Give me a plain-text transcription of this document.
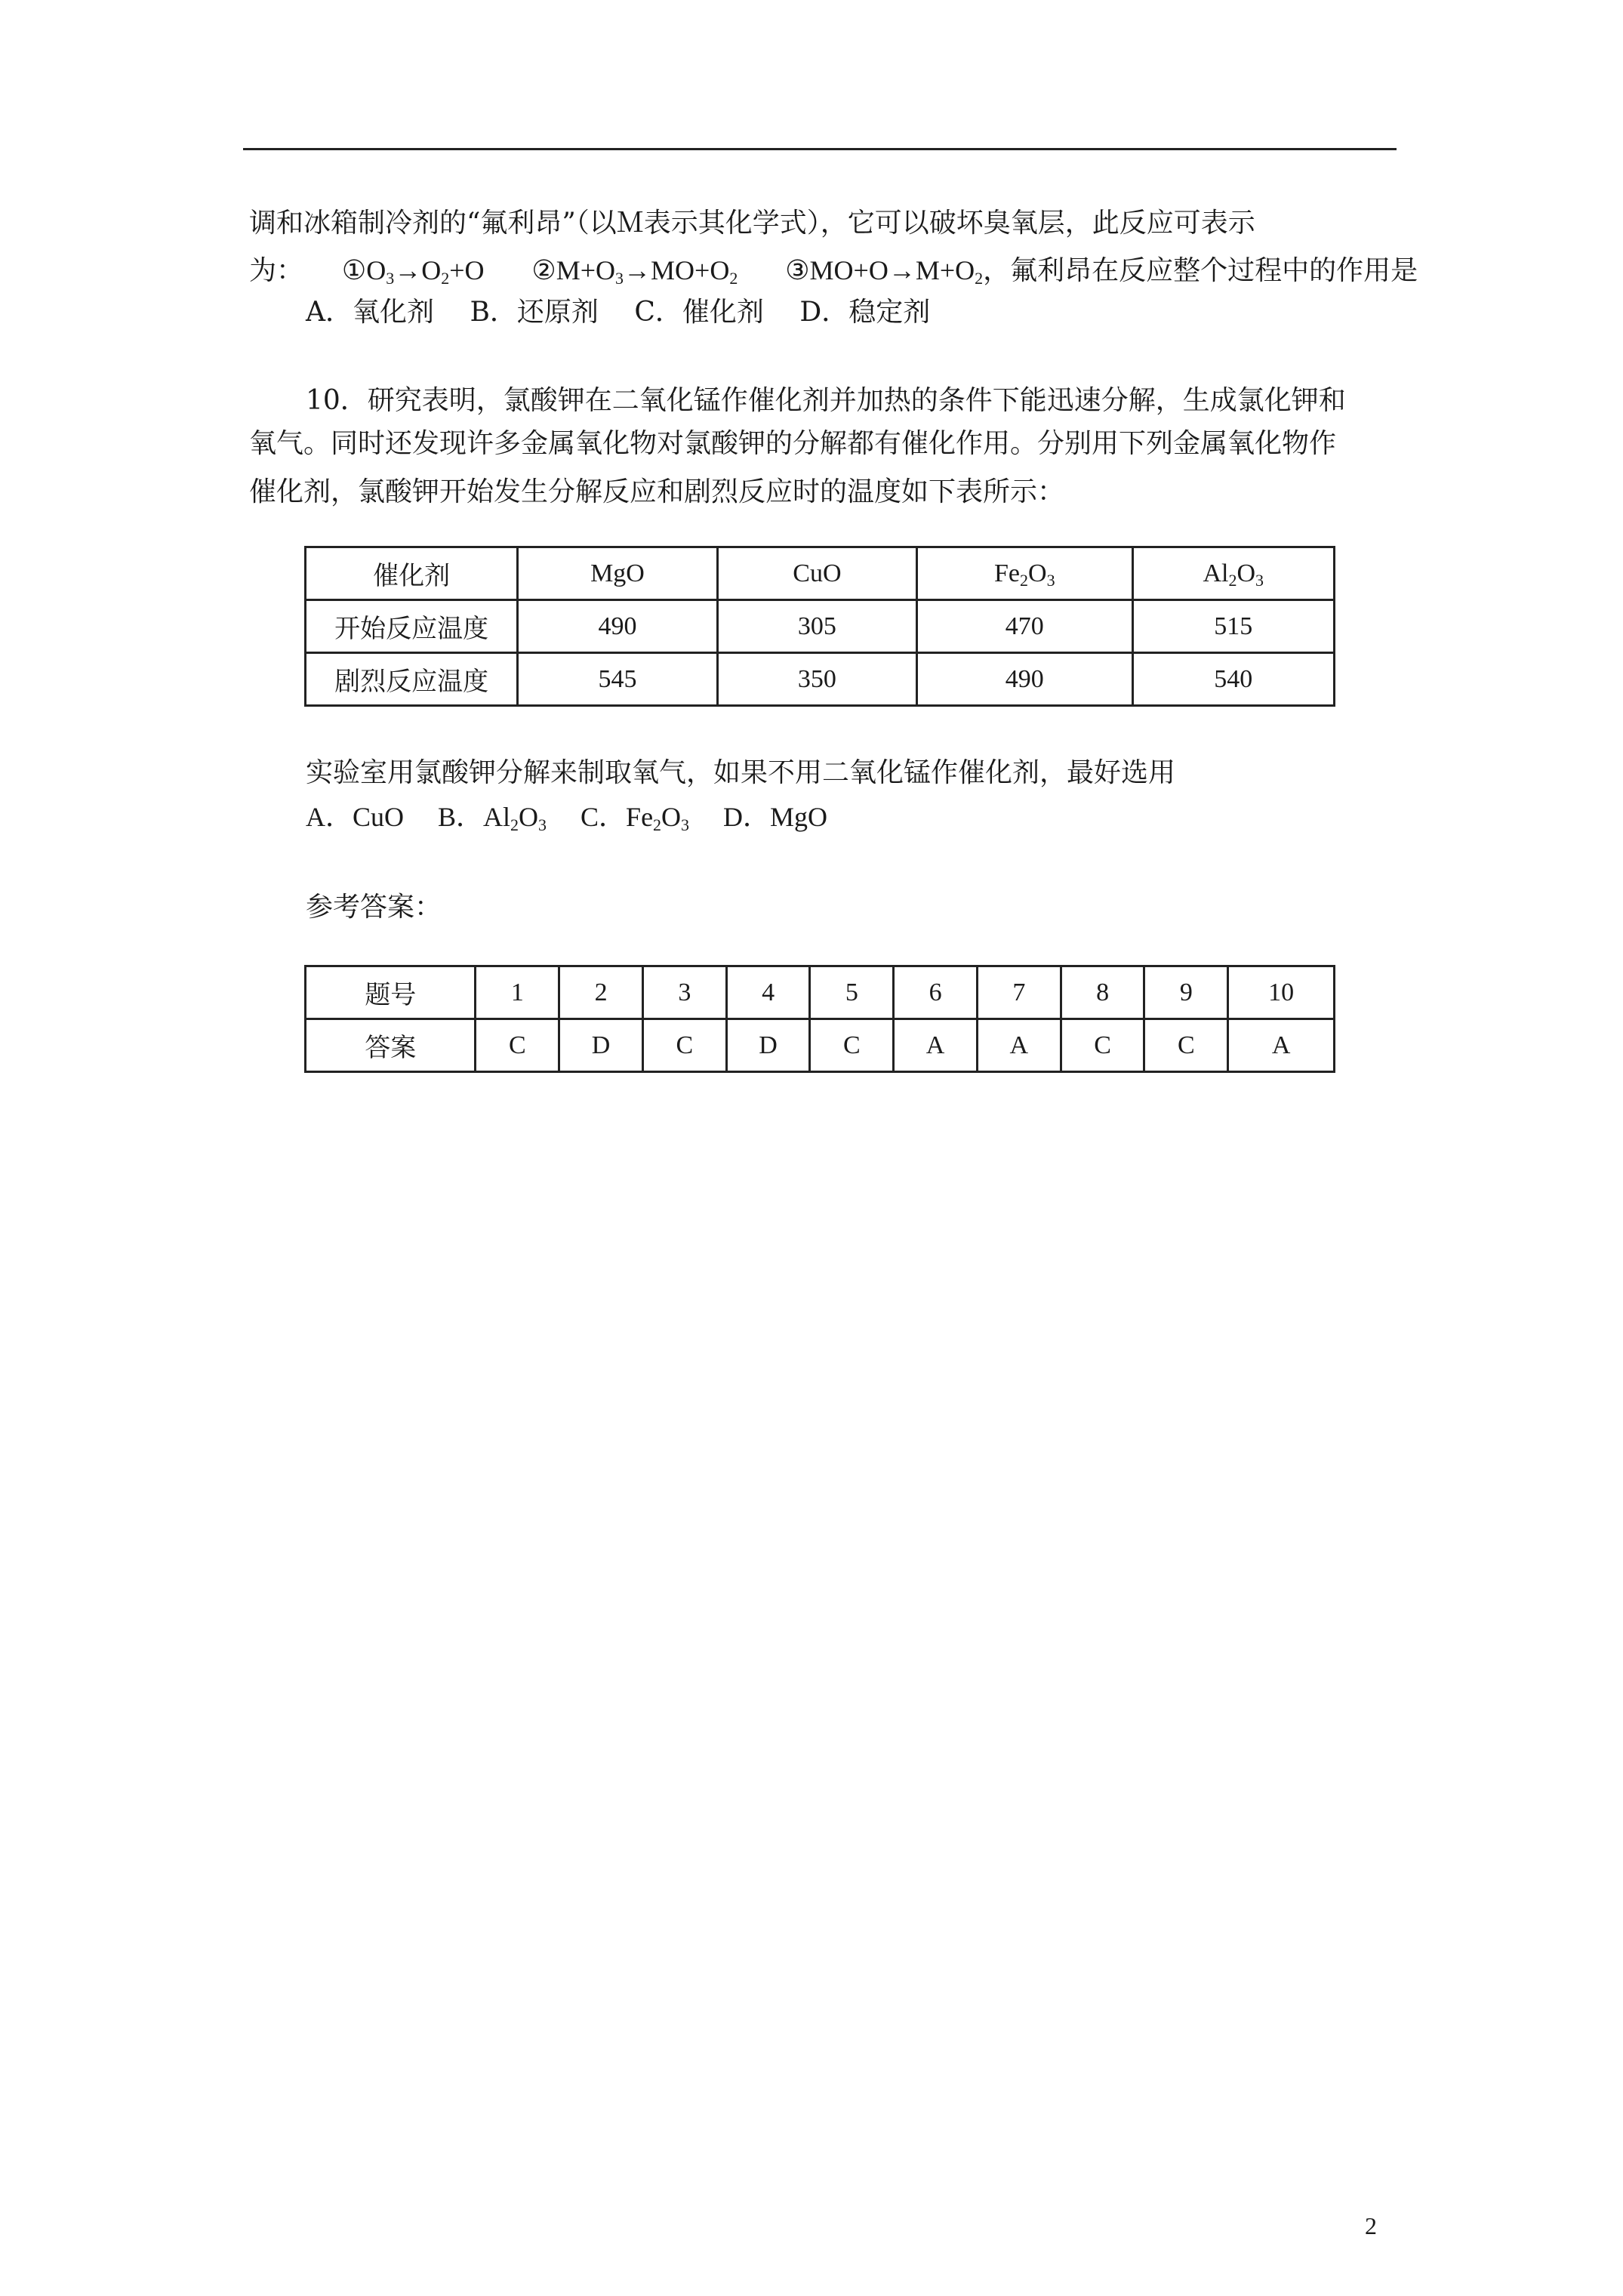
调和冰箱制冷剂的“氟利昂”（以Ｍ表示其化学式），它可以破坏臭氧层，此反应可表示
为： $①O_3\to O_2+O$ $②M+O_3\to MO+O_2$ $③MO+O\to M+O_2$，氟利昂在反应整个过程中的作用是
A．氧化剂　 B．还原剂　 C．催化剂　 D．稳定剂
10．研究表明，氯酸钾在二氧化锰作催化剂并加热的条件下能迅速分解，生成氯化钾和
氧气。同时还发现许多金属氧化物对氯酸钾的分解都有催化作用。分别用下列金属氧化物作
催化剂，氯酸钾开始发生分解反应和剧烈反应时的温度如下表所示：
催化剂	MgO	CuO	$Fe_2O_3$	$Al_2O_3$
开始反应温度	490	305	470	515
剧烈反应温度	545	350	490	540
实验室用氯酸钾分解来制取氧气，如果不用二氧化锰作催化剂，最好选用
A．CuO　 B．$Al_2O_3$　 C．$Fe_2O_3$　 D．MgO
参考答案：
题号	1	2	3	4	5	6	7	8	9	10
答案	C	D	C	D	C	A	A	C	C	A
2
